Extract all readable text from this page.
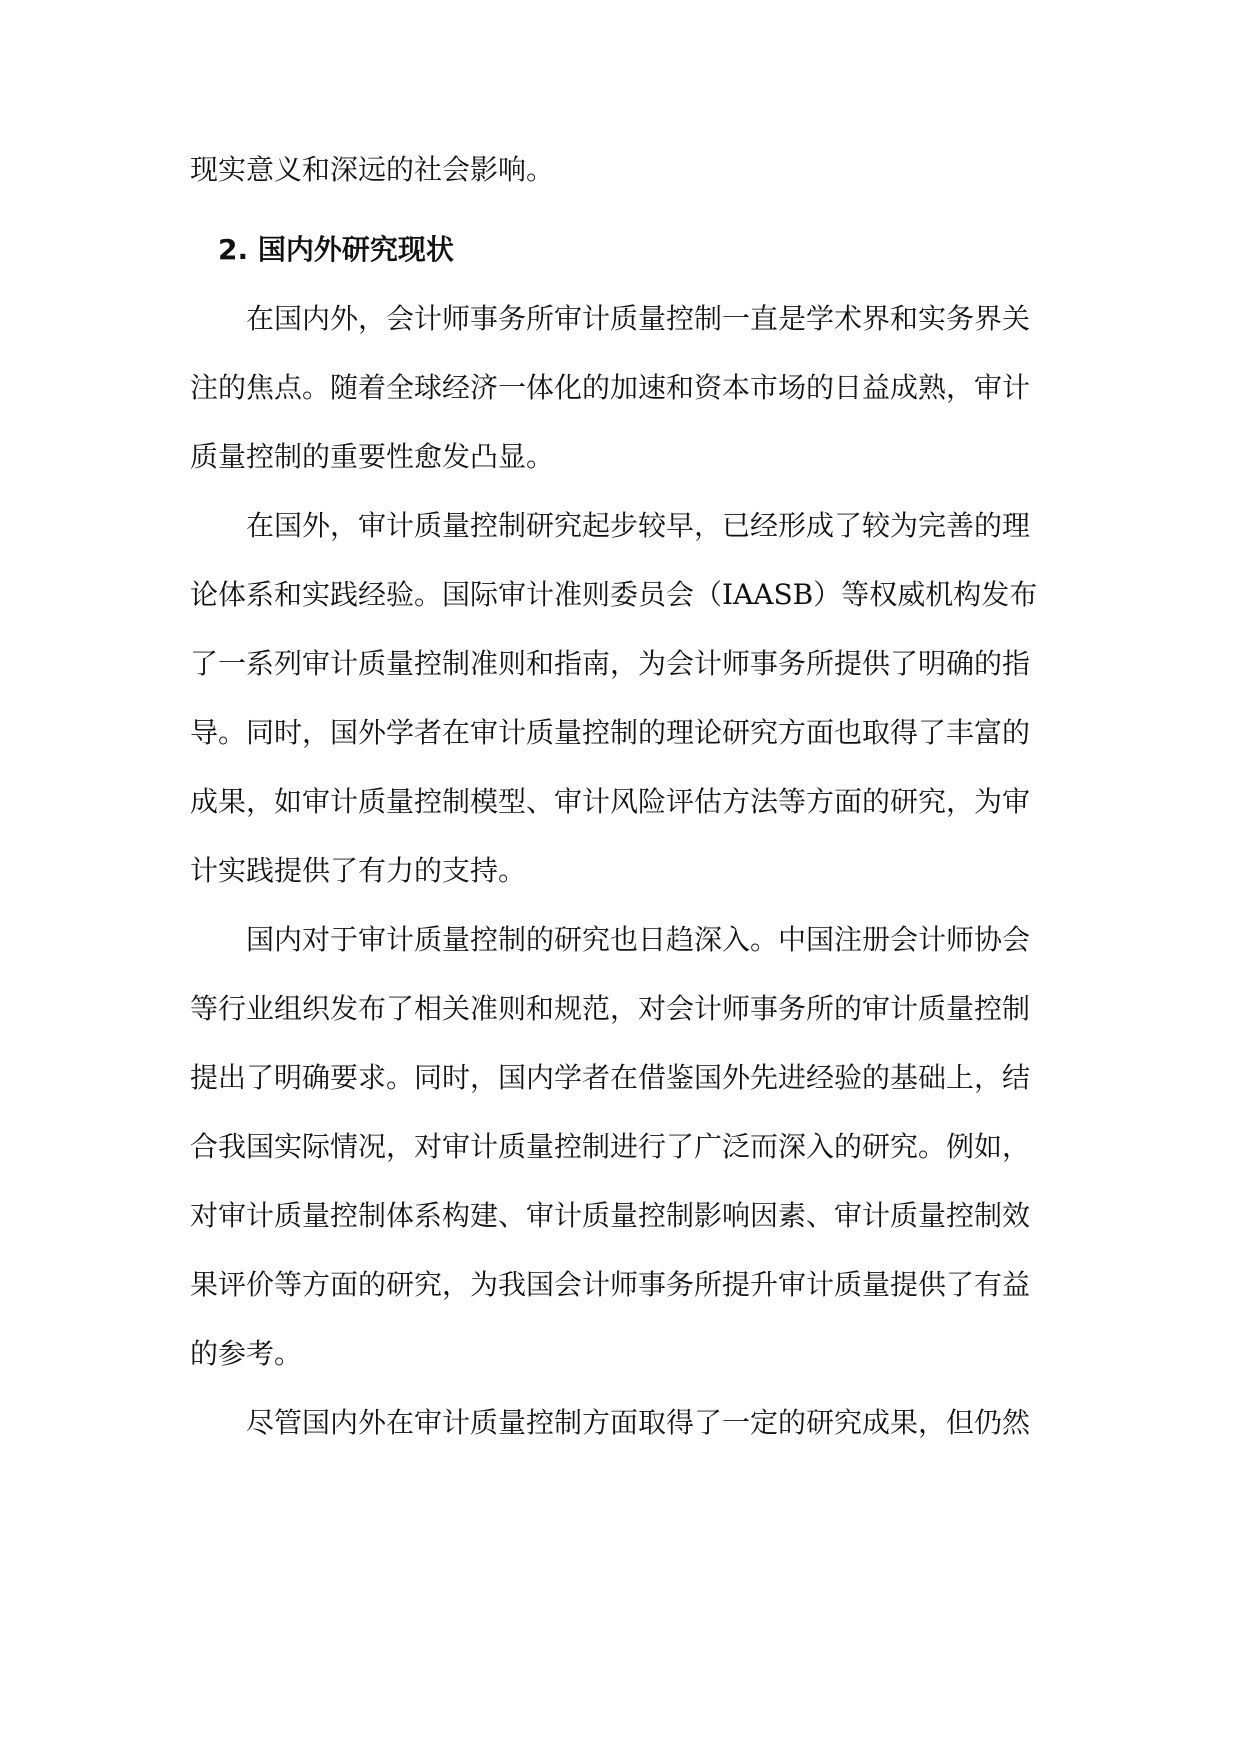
现实意义和深远的社会影响。
2. 国内外研究现状
在国内外，会计师事务所审计质量控制一直是学术界和实务界关
注的焦点。随着全球经济一体化的加速和资本市场的日益成熟，审计
质量控制的重要性愈发凸显。
在国外，审计质量控制研究起步较早，已经形成了较为完善的理
论体系和实践经验。国际审计准则委员会（IAASB）等权威机构发布
了一系列审计质量控制准则和指南，为会计师事务所提供了明确的指
导。同时，国外学者在审计质量控制的理论研究方面也取得了丰富的
成果，如审计质量控制模型、审计风险评估方法等方面的研究，为审
计实践提供了有力的支持。
国内对于审计质量控制的研究也日趋深入。中国注册会计师协会
等行业组织发布了相关准则和规范，对会计师事务所的审计质量控制
提出了明确要求。同时，国内学者在借鉴国外先进经验的基础上，结
合我国实际情况，对审计质量控制进行了广泛而深入的研究。例如，
对审计质量控制体系构建、审计质量控制影响因素、审计质量控制效
果评价等方面的研究，为我国会计师事务所提升审计质量提供了有益
的参考。
尽管国内外在审计质量控制方面取得了一定的研究成果，但仍然
